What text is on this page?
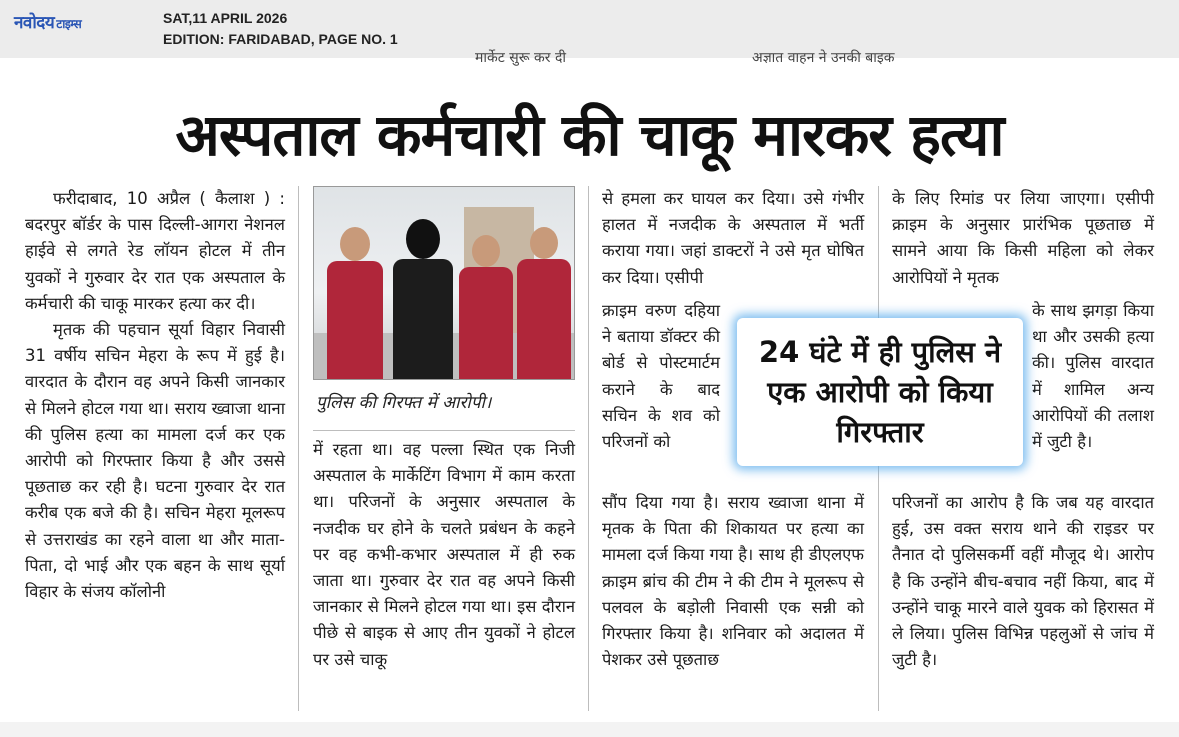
नवोदय टाइम्स	SAT,11 APRIL 2026
EDITION: FARIDABAD, PAGE NO. 1
मार्केट सुरू कर दी	अज्ञात वाहन ने उनकी बाइक
अस्पताल कर्मचारी की चाकू मारकर हत्या

फरीदाबाद, 10 अप्रैल ( कैलाश ) : बदरपुर बॉर्डर के पास दिल्ली-आगरा नेशनल हाईवे से लगते रेड लॉयन होटल में तीन युवकों ने गुरुवार देर रात एक अस्पताल के कर्मचारी की चाकू मारकर हत्या कर दी।

मृतक की पहचान सूर्या विहार निवासी 31 वर्षीय सचिन मेहरा के रूप में हुई है। वारदात के दौरान वह अपने किसी जानकार से मिलने होटल गया था। सराय ख्वाजा थाना की पुलिस हत्या का मामला दर्ज कर एक आरोपी को गिरफ्तार किया है और उससे पूछताछ कर रही है। घटना गुरुवार देर रात करीब एक बजे की है। सचिन मेहरा मूलरूप से उत्तराखंड का रहने वाला था और माता-पिता, दो भाई और एक बहन के साथ सूर्या विहार के संजय कॉलोनी

पुलिस की गिरफ्त में आरोपी।

में रहता था। वह पल्ला स्थित एक निजी अस्पताल के मार्केटिंग विभाग में काम करता था। परिजनों के अनुसार अस्पताल के नजदीक घर होने के चलते प्रबंधन के कहने पर वह कभी-कभार अस्पताल में ही रुक जाता था। गुरुवार देर रात वह अपने किसी जानकार से मिलने होटल गया था। इस दौरान पीछे से बाइक से आए तीन युवकों ने होटल पर उसे चाकू

से हमला कर घायल कर दिया। उसे गंभीर हालत में नजदीक के अस्पताल में भर्ती कराया गया। जहां डाक्टरों ने उसे मृत घोषित कर दिया। एसीपी

क्राइम वरुण दहिया ने बताया डॉक्टर की बोर्ड से पोस्टमार्टम कराने के बाद सचिन के शव को परिजनों को

सौंप दिया गया है। सराय ख्वाजा थाना में मृतक के पिता की शिकायत पर हत्या का मामला दर्ज किया गया है। साथ ही डीएलएफ क्राइम ब्रांच की टीम ने की टीम ने मूलरूप से पलवल के बड़ोली निवासी एक सन्नी को गिरफ्तार किया है। शनिवार को अदालत में पेशकर उसे पूछताछ

के लिए रिमांड पर लिया जाएगा। एसीपी क्राइम के अनुसार प्रारंभिक पूछताछ में सामने आया कि किसी महिला को लेकर आरोपियों ने मृतक

के साथ झगड़ा किया था और उसकी हत्या की। पुलिस वारदात में शामिल अन्य आरोपियों की तलाश में जुटी है।

परिजनों का आरोप है कि जब यह वारदात हुई, उस वक्त सराय थाने की राइडर पर तैनात दो पुलिसकर्मी वहीं मौजूद थे। आरोप है कि उन्होंने बीच-बचाव नहीं किया, बाद में उन्होंने चाकू मारने वाले युवक को हिरासत में ले लिया। पुलिस विभिन्न पहलुओं से जांच में जुटी है।

24 घंटे में ही पुलिस ने एक आरोपी को किया गिरफ्तार
